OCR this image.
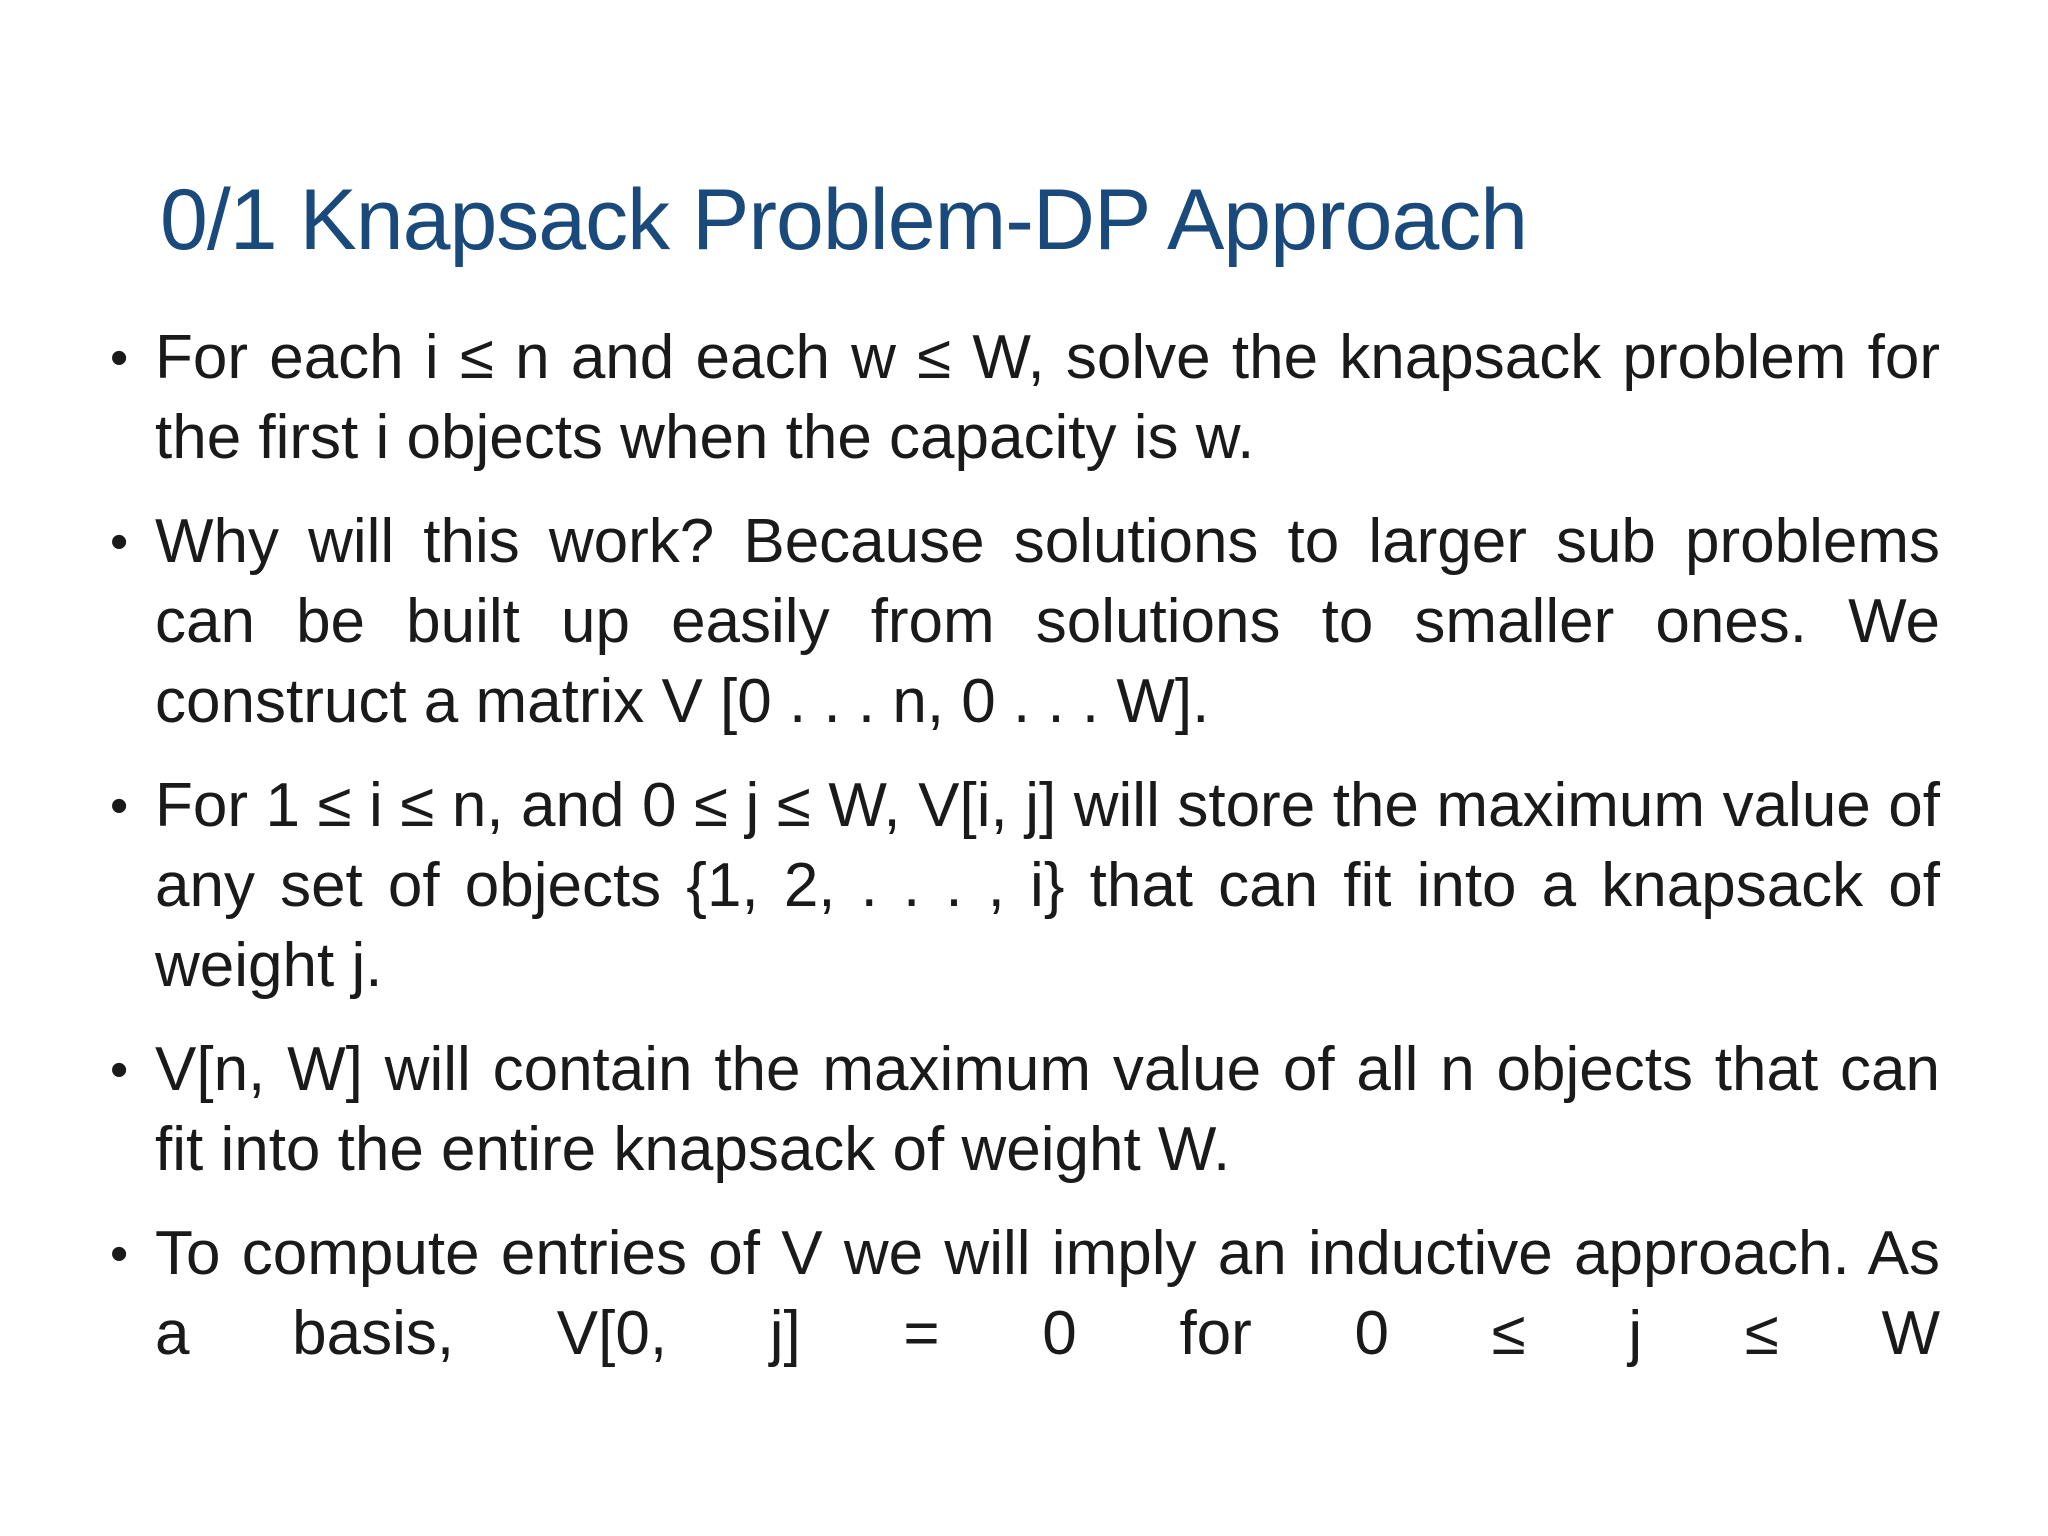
0/1 Knapsack Problem-DP Approach
• For each i ≤ n and each w ≤ W, solve the knapsack problem for the first i objects when the capacity is w.
• Why will this work? Because solutions to larger sub problems can be built up easily from solutions to smaller ones. We construct a matrix V [0 . . . n, 0 . . . W].
• For 1 ≤ i ≤ n, and 0 ≤ j ≤ W, V[i, j] will store the maximum value of any set of objects {1, 2, . . . , i} that can fit into a knapsack of weight j.
• V[n, W] will contain the maximum value of all n objects that can fit into the entire knapsack of weight W.
• To compute entries of V we will imply an inductive approach. As a basis, V[0, j] = 0 for 0 ≤ j ≤ W
